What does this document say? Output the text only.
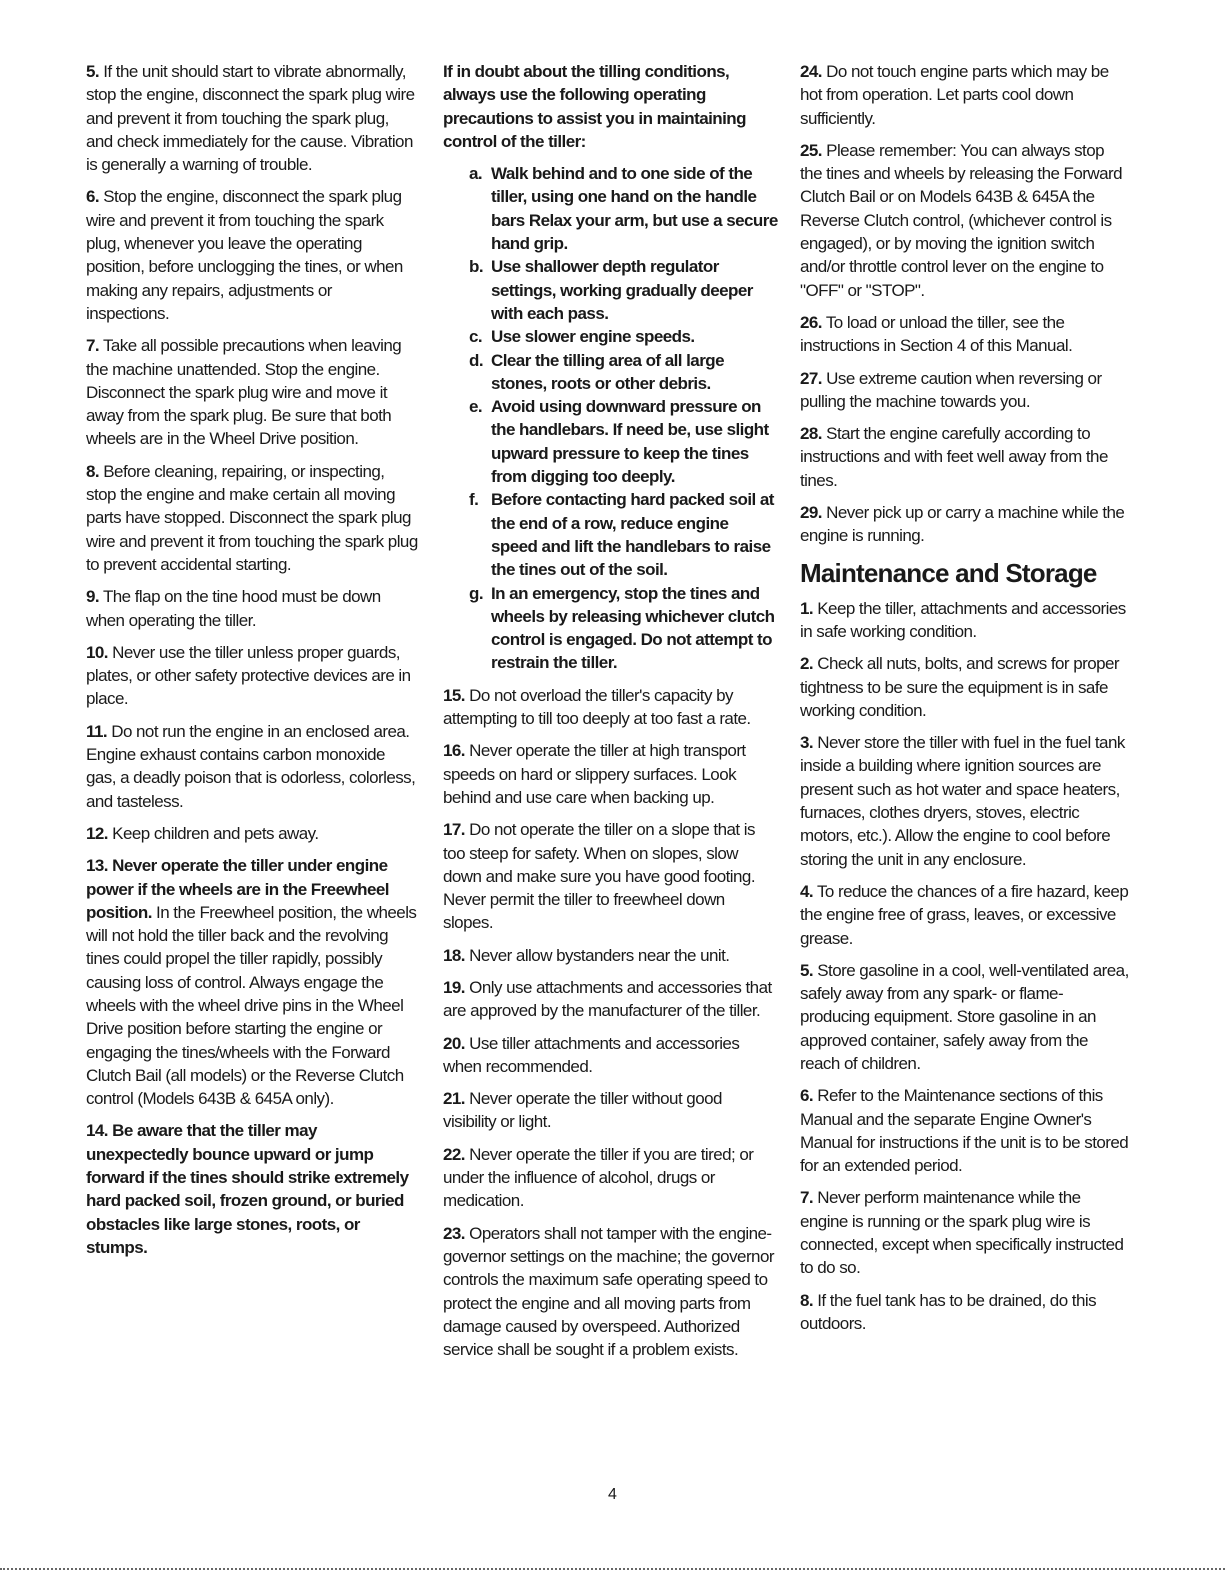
5. If the unit should start to vibrate abnormally, stop the engine, disconnect the spark plug wire and prevent it from touching the spark plug, and check immediately for the cause. Vibration is generally a warning of trouble.

6. Stop the engine, disconnect the spark plug wire and prevent it from touching the spark plug, whenever you leave the operating position, before unclogging the tines, or when making any repairs, adjustments or inspections.

7. Take all possible precautions when leaving the machine unattended. Stop the engine. Disconnect the spark plug wire and move it away from the spark plug. Be sure that both wheels are in the Wheel Drive position.

8. Before cleaning, repairing, or inspecting, stop the engine and make certain all moving parts have stopped. Disconnect the spark plug wire and prevent it from touching the spark plug to prevent accidental starting.

9. The flap on the tine hood must be down when operating the tiller.

10. Never use the tiller unless proper guards, plates, or other safety protective devices are in place.

11. Do not run the engine in an enclosed area. Engine exhaust contains carbon monoxide gas, a deadly poison that is odorless, colorless, and tasteless.

12. Keep children and pets away.

13. Never operate the tiller under engine power if the wheels are in the Freewheel position. In the Freewheel position, the wheels will not hold the tiller back and the revolving tines could propel the tiller rapidly, possibly causing loss of control. Always engage the wheels with the wheel drive pins in the Wheel Drive position before starting the engine or engaging the tines/wheels with the Forward Clutch Bail (all models) or the Reverse Clutch control (Models 643B & 645A only).

14. Be aware that the tiller may unexpectedly bounce upward or jump forward if the tines should strike extremely hard packed soil, frozen ground, or buried obstacles like large stones, roots, or stumps.

If in doubt about the tilling conditions, always use the following operating precautions to assist you in maintaining control of the tiller:

a. Walk behind and to one side of the tiller, using one hand on the handle bars Relax your arm, but use a secure hand grip.
b. Use shallower depth regulator settings, working gradually deeper with each pass.
c. Use slower engine speeds.
d. Clear the tilling area of all large stones, roots or other debris.
e. Avoid using downward pressure on the handlebars. If need be, use slight upward pressure to keep the tines from digging too deeply.
f. Before contacting hard packed soil at the end of a row, reduce engine speed and lift the handlebars to raise the tines out of the soil.
g. In an emergency, stop the tines and wheels by releasing whichever clutch control is engaged. Do not attempt to restrain the tiller.

15. Do not overload the tiller's capacity by attempting to till too deeply at too fast a rate.

16. Never operate the tiller at high transport speeds on hard or slippery surfaces. Look behind and use care when backing up.

17. Do not operate the tiller on a slope that is too steep for safety. When on slopes, slow down and make sure you have good footing. Never permit the tiller to freewheel down slopes.

18. Never allow bystanders near the unit.

19. Only use attachments and accessories that are approved by the manufacturer of the tiller.

20. Use tiller attachments and accessories when recommended.

21. Never operate the tiller without good visibility or light.

22. Never operate the tiller if you are tired; or under the influence of alcohol, drugs or medication.

23. Operators shall not tamper with the engine-governor settings on the machine; the governor controls the maximum safe operating speed to protect the engine and all moving parts from damage caused by overspeed. Authorized service shall be sought if a problem exists.

24. Do not touch engine parts which may be hot from operation. Let parts cool down sufficiently.

25. Please remember: You can always stop the tines and wheels by releasing the Forward Clutch Bail or on Models 643B & 645A the Reverse Clutch control, (whichever control is engaged), or by moving the ignition switch and/or throttle control lever on the engine to "OFF" or "STOP".

26. To load or unload the tiller, see the instructions in Section 4 of this Manual.

27. Use extreme caution when reversing or pulling the machine towards you.

28. Start the engine carefully according to instructions and with feet well away from the tines.

29. Never pick up or carry a machine while the engine is running.

Maintenance and Storage

1. Keep the tiller, attachments and accessories in safe working condition.

2. Check all nuts, bolts, and screws for proper tightness to be sure the equipment is in safe working condition.

3. Never store the tiller with fuel in the fuel tank inside a building where ignition sources are present such as hot water and space heaters, furnaces, clothes dryers, stoves, electric motors, etc.). Allow the engine to cool before storing the unit in any enclosure.

4. To reduce the chances of a fire hazard, keep the engine free of grass, leaves, or excessive grease.

5. Store gasoline in a cool, well-ventilated area, safely away from any spark- or flame-producing equipment. Store gasoline in an approved container, safely away from the reach of children.

6. Refer to the Maintenance sections of this Manual and the separate Engine Owner's Manual for instructions if the unit is to be stored for an extended period.

7. Never perform maintenance while the engine is running or the spark plug wire is connected, except when specifically instructed to do so.

8. If the fuel tank has to be drained, do this outdoors.

4
